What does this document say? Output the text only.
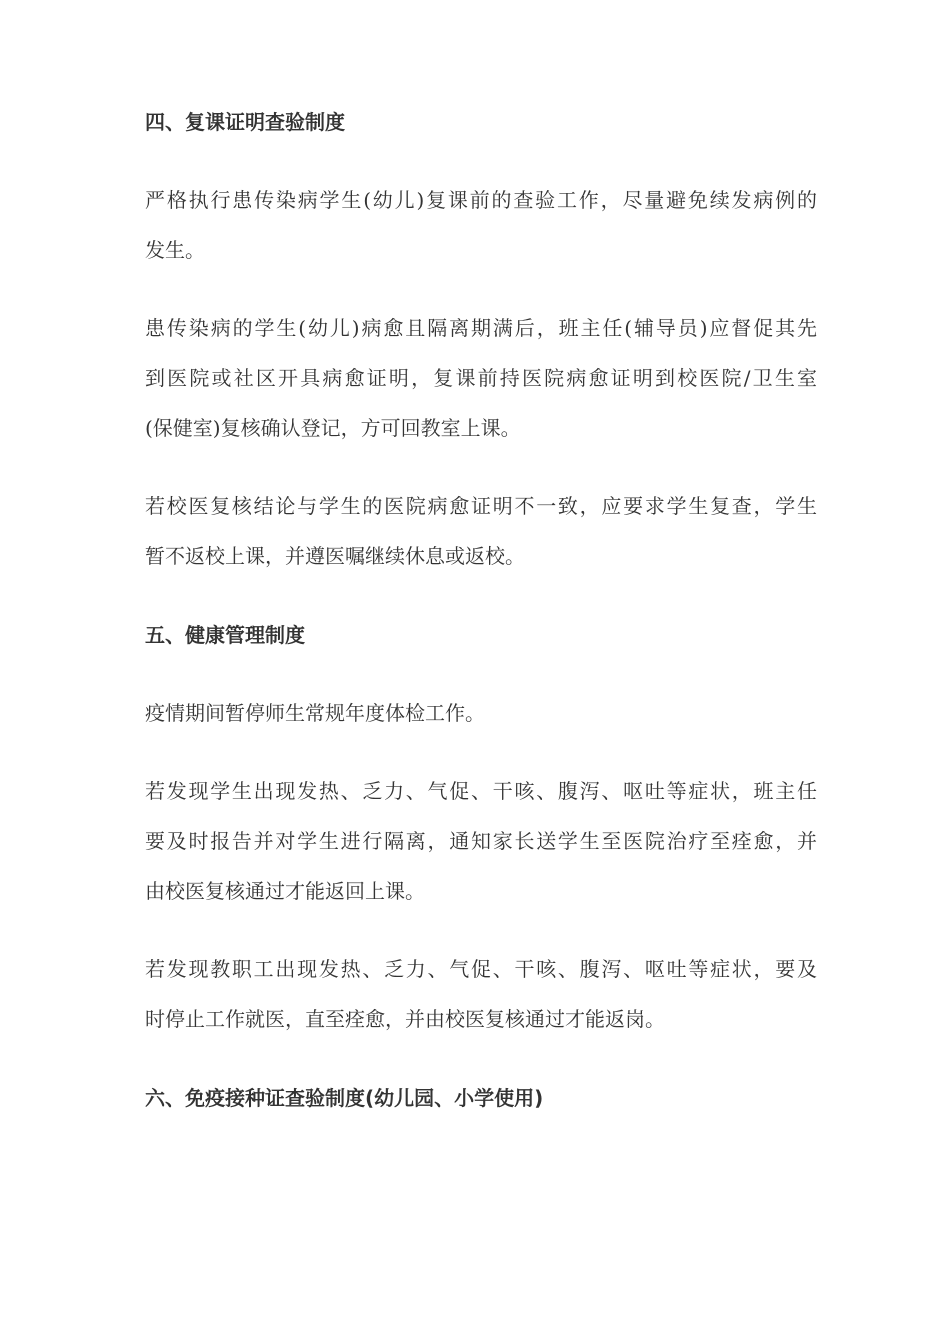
四、复课证明查验制度

严格执行患传染病学生(幼儿)复课前的查验工作，尽量避免续发病例的
发生。

患传染病的学生(幼儿)病愈且隔离期满后，班主任(辅导员)应督促其先
到医院或社区开具病愈证明，复课前持医院病愈证明到校医院/卫生室
(保健室)复核确认登记，方可回教室上课。

若校医复核结论与学生的医院病愈证明不一致，应要求学生复查，学生
暂不返校上课，并遵医嘱继续休息或返校。

五、健康管理制度

疫情期间暂停师生常规年度体检工作。

若发现学生出现发热、乏力、气促、干咳、腹泻、呕吐等症状，班主任
要及时报告并对学生进行隔离，通知家长送学生至医院治疗至痊愈，并
由校医复核通过才能返回上课。

若发现教职工出现发热、乏力、气促、干咳、腹泻、呕吐等症状，要及
时停止工作就医，直至痊愈，并由校医复核通过才能返岗。

六、免疫接种证查验制度(幼儿园、小学使用)
